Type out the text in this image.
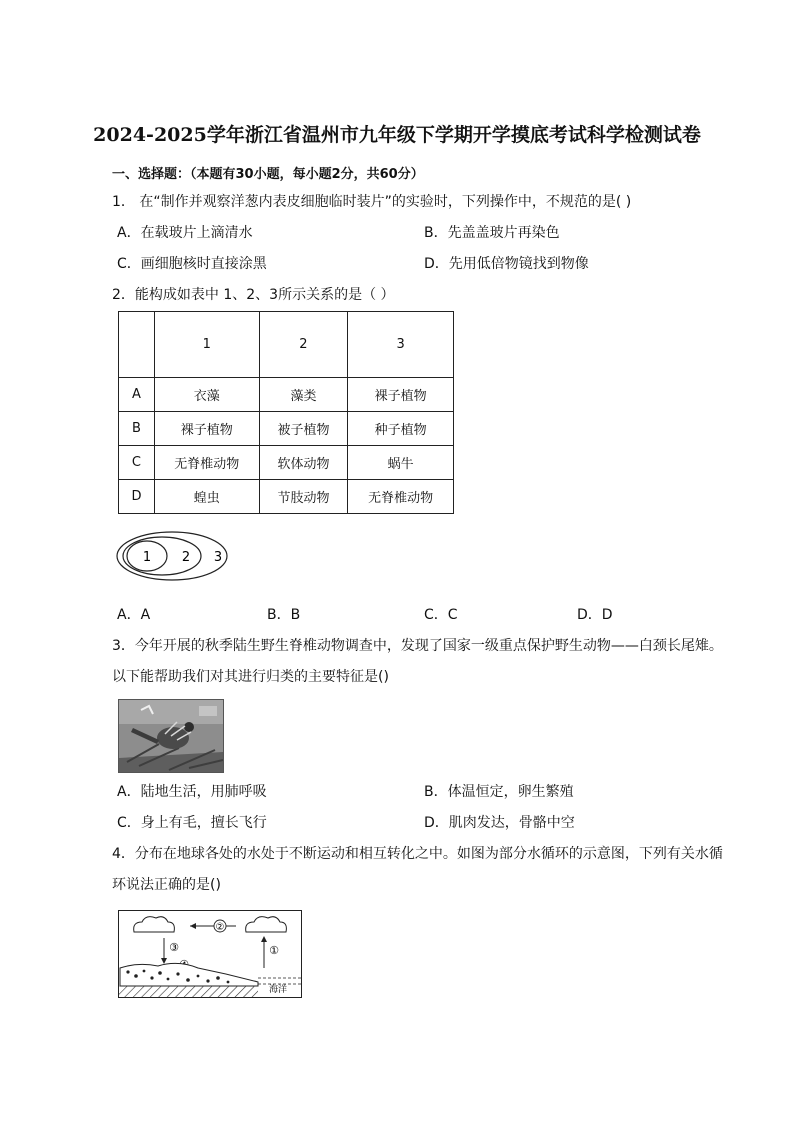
2024-2025学年浙江省温州市九年级下学期开学摸底考试科学检测试卷
一、选择题：（本题有30小题，每小题2分，共60分）
1． 在“制作并观察洋葱内表皮细胞临时装片”的实验时，下列操作中，不规范的是( )
A．在载玻片上滴清水	B．先盖盖玻片再染色
C．画细胞核时直接涂黑	D．先用低倍物镜找到物像
2．能构成如表中 1、2、3所示关系的是（ ）
	1	2	3
A	衣藻	藻类	裸子植物
B	裸子植物	被子植物	种子植物
C	无脊椎动物	软体动物	蜗牛
D	蝗虫	节肢动物	无脊椎动物
1 2 3
A．A	B．B	C．C	D．D
3．今年开展的秋季陆生野生脊椎动物调查中，发现了国家一级重点保护野生动物——白颈长尾雉。
以下能帮助我们对其进行归类的主要特征是()
A．陆地生活，用肺呼吸	B．体温恒定，卵生繁殖
C．身上有毛，擅长飞行	D．肌肉发达，骨骼中空
4．分布在地球各处的水处于不断运动和相互转化之中。如图为部分水循环的示意图，下列有关水循
环说法正确的是()
②
③	①
海洋
